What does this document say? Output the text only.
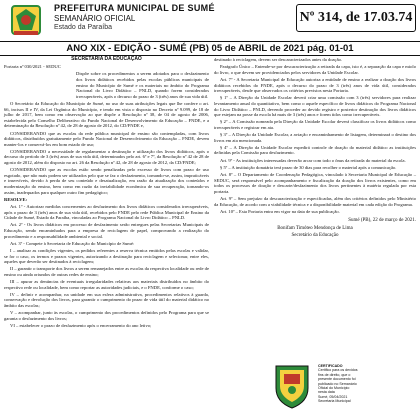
PREFEITURA MUNICIPAL DE SUMÉ
SEMANÁRIO OFICIAL
Estado da Paraíba
Nº 314, de 17.03.74
ANO XIX - EDIÇÃO - SUMÉ (PB) 05 de ABRIL de 2021 pág. 01-01

SECRETARIA DA EDUCAÇÃO

Portaria nº 030/2021 - SEDUC

Dispõe sobre os procedimentos a serem adotados para o desfazimento dos livros didáticos recebidos pelas escolas públicas municipais de ensino do Município de Sumé e os materiais no âmbito do Programa Nacional do Livro Didático – PNLD, quando forem considerados irrecuperáveis, após o decurso do prazo de 3 (três) anos de sua vida útil.

O Secretário da Educação do Município de Sumé, no uso de suas atribuições legais que lhe confere o art. 66, incisos II e IV, da Lei Orgânica do Município, e tendo em vista o disposto no Decreto nº 9.099, de 18 de julho de 2017, bem como em observação ao que dispõe a Resolução nº 38, de 04 de agosto de 2006, estabelecida pelo Conselho Deliberativo do Fundo Nacional de Desenvolvimento da Educação – FNDE, e a determinação da Resolução nº 42, de 28 de agosto de 2012, do CD/FNDE e,

CONSIDERANDO que as escolas da rede pública municipal de ensino são contempladas, com livros didáticos, distribuídos gratuitamente pelo Fundo Nacional de Desenvolvimento da Educação – FNDE, devem manter-los e conservá-los em bom estado de uso;

CONSIDERANDO a necessidade de regulamentar a destinação e utilização dos livros didáticos, após o decurso do período de 3 (três) anos de sua vida útil, determinados pelo art. 6º e 7º, da Resolução nº 42 de 28 de agosto de 2012, além do disposto no art. 26 da Resolução nº 42, de 28 de agosto de 2012, da CD/FNDE;

CONSIDERANDO que as escolas estão sendo penalizadas pelo excesso de livros com prazo de uso esgotado, que não mais podem ser utilizados pelo que se faz o desfazimento, tornando-se, assim, impraticáveis e inservíveis, devido à perda de seu conteúdo e desatualização, em razão da atualização dos conteúdos e modernização do ensino, bem como em razão da inviabilidade econômica de sua recuperação, tornando-os assim, inadequados para qualquer outro fim pedagógico;

RESOLVE:

Art. 1º - Autorizar medidas concernentes ao desfazimento dos livros didáticos considerados irrecuperáveis, após o prazo de 3 (três) anos de sua vida útil, recebidos pelo FNDE pelo rede Pública Municipal de Ensino da Cidade de Sumé, Estado da Paraíba, vinculadas ao Programa Nacional do Livro Didático – PNLD.

Art. 2º - Os livros didáticos em processo de desfazimento serão entregues pelas Secretarias Municipais de Educação, sendo encaminhados para a empresa de reciclagem de papel, comprovando a realização do procedimento e a responsabilidade ambiental e social.

Art. 3º - Compete à Secretaria de Educação do Município de Sumé:

I – analisar as condições vigentes, os pedidos referentes a reserva técnica emitidos pelas escolas e validar, se for o caso, os termos e prazos vigentes, autorizando a destinação para reciclagem e selecionar, entre eles, aqueles que deverão ser destinados à reciclagem;

II – garantir o transporte dos livros a serem remanejados entre as escolas da respectiva localidade ou rede de ensino ou ainda oriundos de outras redes de ensino;

III – apurar as denúncias de eventuais irregularidades relativas aos materiais distribuídos no âmbito do respectivo rede ou localidade, bem como reportar as autoridades judiciais, e o FNDE, conforme o caso;

IV – definir e acompanhar, na unidade em sua esfera administrativa, procedimentos relativos à guarda, conservação e devolução dos livros, para garantir o cumprimento do prazo de vida útil do material didático no âmbito das escolas;

V – acompanhar, junto às escolas, o cumprimento dos procedimentos definidos pelo Programa para que se garanta o desfazimento dos livros;

VI – estabelecer o prazo de desfazimento após o encerramento do ano letivo;

destinado à reciclagem, devem ser descaracterizados antes da doação.

Parágrafo Único – Entende-se por descaracterização a retirada da capa, isto é, a separação da capa e miolo do livro, o que devem ser providenciados pelos servidores da Unidade Escolar.

Art. 7º - A Secretaria Municipal de Educação autoriza a entidade de ensino a realizar a doação dos livros didáticos recebidos do FNDE, após o decurso do prazo de 3 (três) anos de vida útil, considerados irrecuperáveis, desde que observados os critérios previstos nesta Portaria.

§ 1º – A Direção da Unidade Escolar deverá criar uma comissão com 3 (três) servidores para realizar levantamento anual do quantitativo, bem como o aquele específico de livros didáticos do Programa Nacional do Livro Didático – PNLD, devendo proceder ao devido registro e posterior destinação dos livros didáticos que estejam na posse da escola há mais de 3 (três) anos e forem tidos como irrecuperáveis.

§ 2º – A Comissão nomeada pela Direção da Unidade Escolar deverá classificar os livros didáticos como irrecuperáveis e registrar em ata.

§ 3º – A Direção da Unidade Escolar, a aviação e encaminhamento de listagem, determinará o destino dos livros em ata mencionada.

§ 4º – A Direção da Unidade Escolar expedirá controle de doação do material didático as instituições definidas pela Comissão para desfazimento.

Art. 9º - As instituições interessadas deverão arcar com todo o ônus da retirada do material da escola.

§ 5º – A instituição donatária terá prazo de 30 dias para recolher o material após a comunicação.

Art. 8º – O Departamento de Coordenação Pedagógica, vinculado à Secretaria Municipal de Educação – SEDUC, será responsável pelo acompanhamento e fiscalização da doação dos livros existentes, como em todos os processos de doação e descarte/desfazimento dos livros pertinentes à matéria regulada por esta portaria.

Art. 9º – Sem prejuízo da descaracterização e especificadas, além dos critérios definidos pelo Ministério da Educação, de acordo com a viabilidade técnica e a disponibilidade material em cada edição do Programa.

Art. 10º – Esta Portaria entra em vigor na data de sua publicação.

Sumé (PB), 22 de março de 2021.

Bonifam Timóteo Mendonça de Lima

Secretário da Educação

CERTIFICADO
Certifico para os devidos
fins de direito, que o
presente documento foi
publicado no Semanário
Oficial do Município
nesta data
Sumé, 05/04/2021
Secretaria Municipal
